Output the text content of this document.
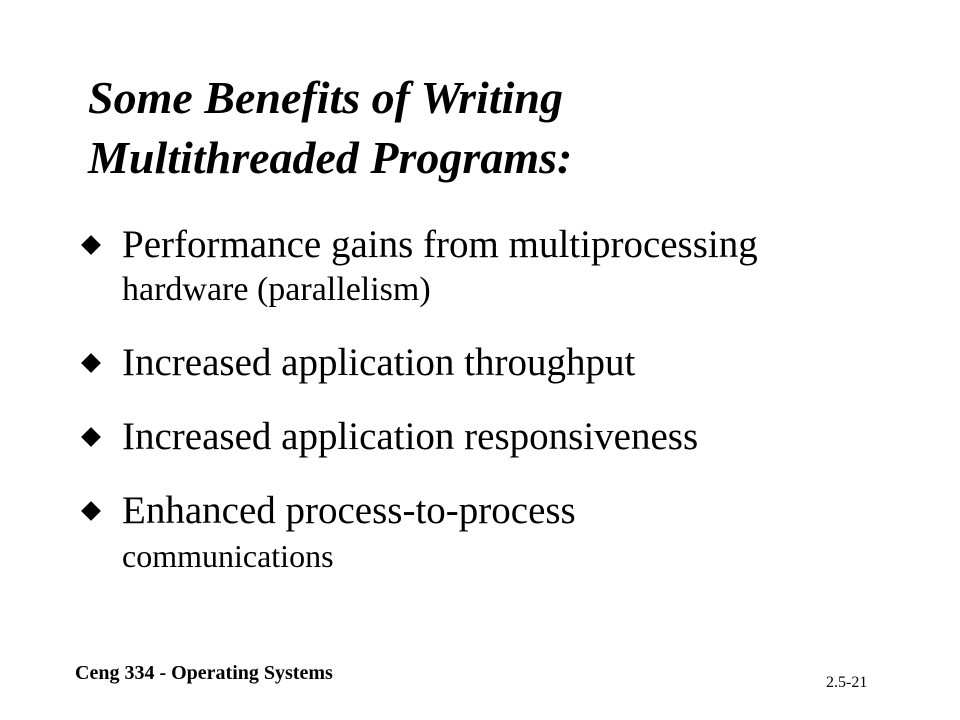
Some Benefits of Writing
Multithreaded Programs:
Performance gains from multiprocessing
hardware (parallelism)
Increased application throughput
Increased application responsiveness
Enhanced process-to-process
communications
Ceng 334 - Operating Systems	2.5-21
